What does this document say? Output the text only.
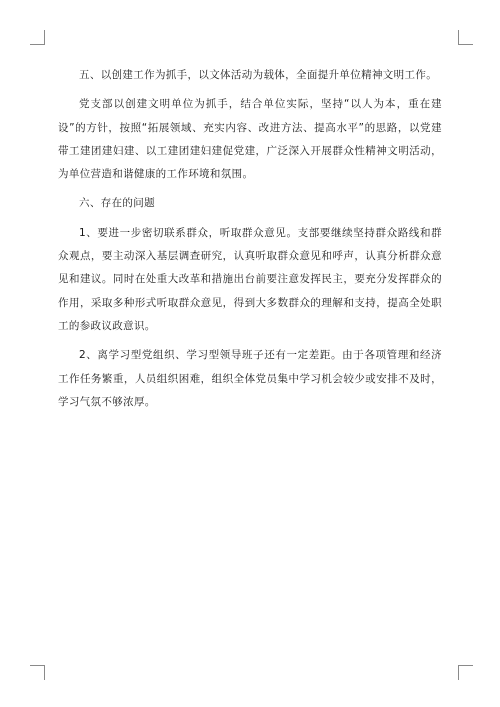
五、以创建工作为抓手，以文体活动为载体，全面提升单位精神文明工作。

党支部以创建文明单位为抓手，结合单位实际，坚持“以人为本，重在建设”的方针，按照“拓展领域、充实内容、改进方法、提高水平”的思路，以党建带工建团建妇建、以工建团建妇建促党建，广泛深入开展群众性精神文明活动，为单位营造和谐健康的工作环境和氛围。

六、存在的问题

1、要进一步密切联系群众，听取群众意见。支部要继续坚持群众路线和群众观点，要主动深入基层调查研究，认真听取群众意见和呼声，认真分析群众意见和建议。同时在处重大改革和措施出台前要注意发挥民主，要充分发挥群众的作用，采取多种形式听取群众意见，得到大多数群众的理解和支持，提高全处职工的参政议政意识。

2、离学习型党组织、学习型领导班子还有一定差距。由于各项管理和经济工作任务繁重，人员组织困难，组织全体党员集中学习机会较少或安排不及时，学习气氛不够浓厚。
